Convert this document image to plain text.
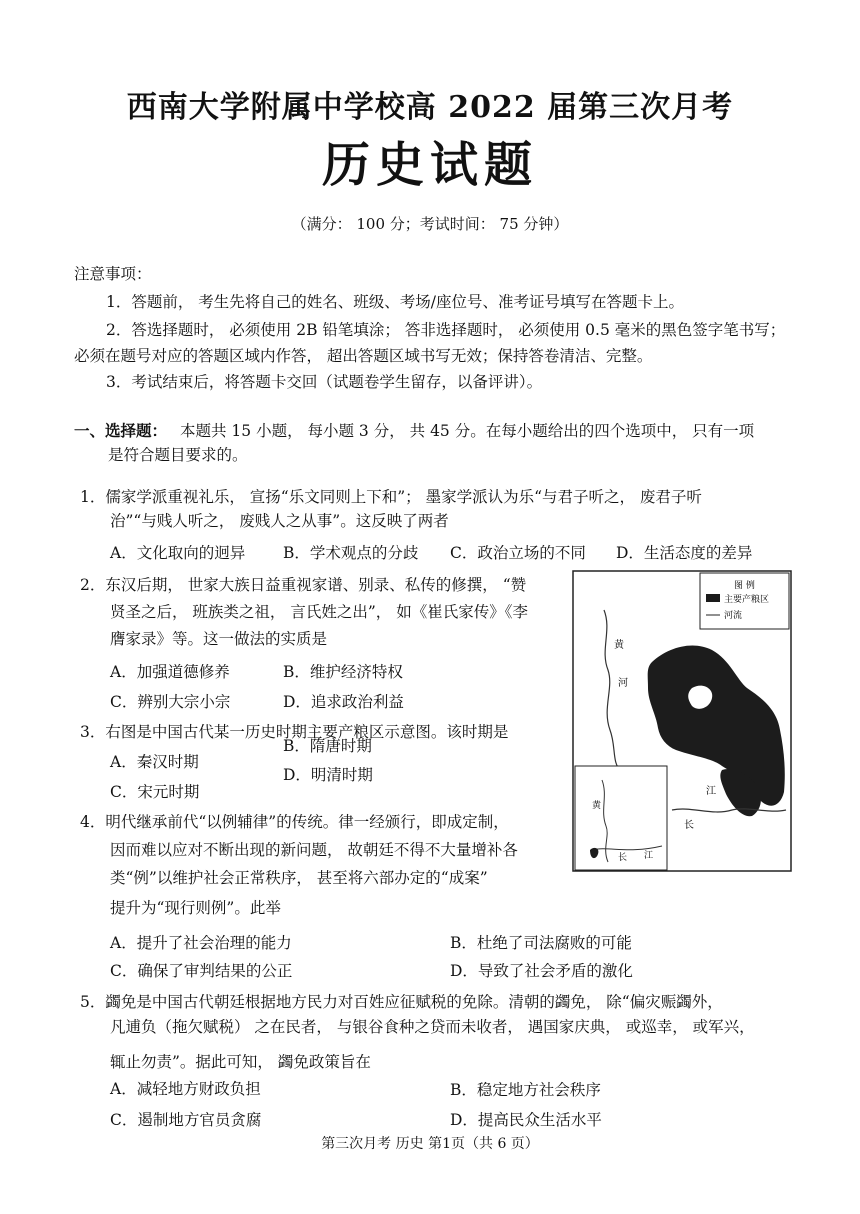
西南大学附属中学校高 2022 届第三次月考
历史试题
（满分： 100 分；考试时间： 75 分钟）
注意事项：
1．答题前， 考生先将自己的姓名、班级、考场/座位号、准考证号填写在答题卡上。
2．答选择题时， 必须使用 2B 铅笔填涂； 答非选择题时， 必须使用 0.5 毫米的黑色签字笔书写；
必须在题号对应的答题区域内作答， 超出答题区域书写无效；保持答卷清洁、完整。
3．考试结束后，将答题卡交回（试题卷学生留存，以备评讲）。
一、选择题： 本题共 15 小题， 每小题 3 分， 共 45 分。在每小题给出的四个选项中， 只有一项
是符合题目要求的。
1．儒家学派重视礼乐， 宣扬“乐文同则上下和”； 墨家学派认为乐“与君子听之， 废君子听
治”“与贱人听之， 废贱人之从事”。这反映了两者
A．文化取向的迥异 B．学术观点的分歧 C．政治立场的不同 D．生活态度的差异
2．东汉后期， 世家大族日益重视家谱、别录、私传的修撰， “赞
贤圣之后， 班族类之祖， 言氏姓之出”， 如《崔氏家传》《李
膺家录》等。这一做法的实质是
A．加强道德修养	B．维护经济特权
C．辨别大宗小宗	D．追求政治利益
3．右图是中国古代某一历史时期主要产粮区示意图。该时期是
A．秦汉时期
B．隋唐时期
C．宋元时期
D．明清时期
4．明代继承前代“以例辅律”的传统。律一经颁行，即成定制，
因而难以应对不断出现的新问题， 故朝廷不得不大量增补各
类“例”以维护社会正常秩序， 甚至将六部办定的“成案”
提升为“现行则例”。此举
A．提升了社会治理的能力	B．杜绝了司法腐败的可能
C．确保了审判结果的公正	D．导致了社会矛盾的激化
5．蠲免是中国古代朝廷根据地方民力对百姓应征赋税的免除。清朝的蠲免， 除“偏灾赈蠲外，
凡逋负（拖欠赋税） 之在民者， 与银谷食种之贷而未收者， 遇国家庆典， 或巡幸， 或军兴，
辄止勿责”。据此可知， 蠲免政策旨在
A．减轻地方财政负担	B．稳定地方社会秩序
C．遏制地方官员贪腐	D．提高民众生活水平
图 例
主要产粮区
河流
黄
河
江
长
黄
长 江
第三次月考 历史 第1页（共 6 页）
